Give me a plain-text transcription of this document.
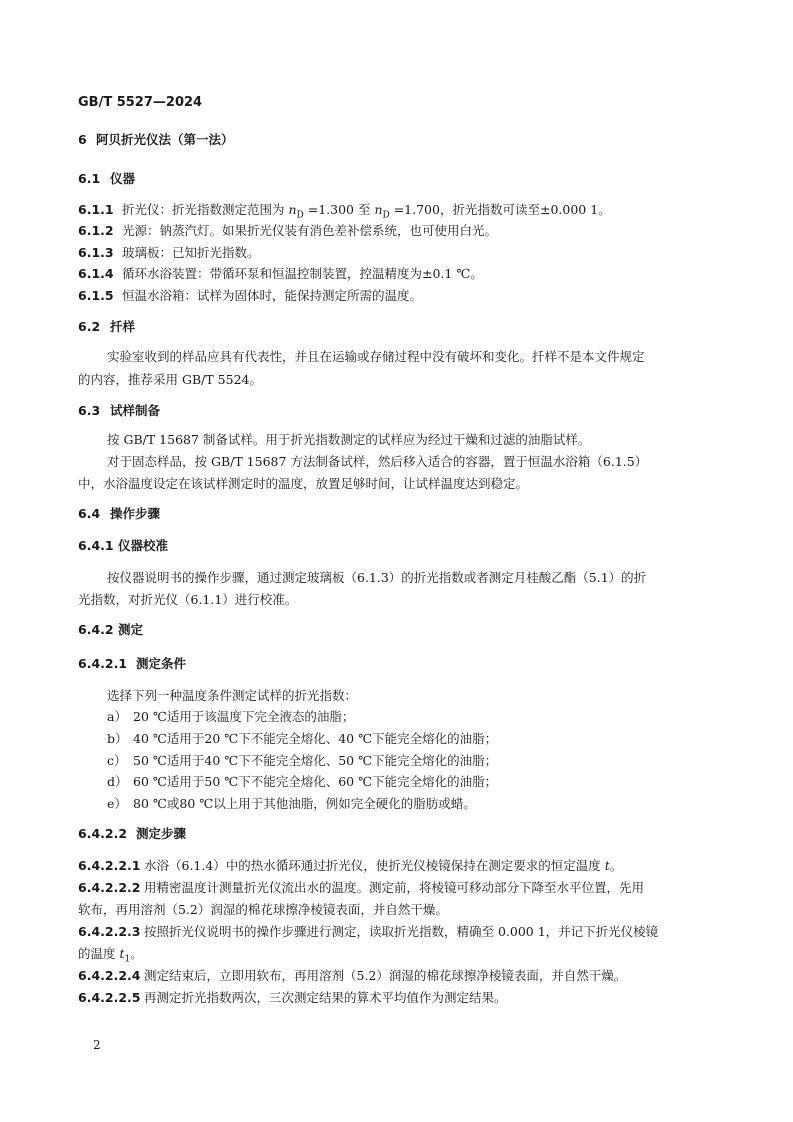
GB/T 5527—2024
6 阿贝折光仪法（第一法）
6.1 仪器
6.1.1 折光仪：折光指数测定范围为 $n_D =1.300$ 至 $n_D =1.700$，折光指数可读至±0.000 1。
6.1.2 光源：钠蒸汽灯。如果折光仪装有消色差补偿系统，也可使用白光。
6.1.3 玻璃板：已知折光指数。
6.1.4 循环水浴装置：带循环泵和恒温控制装置，控温精度为±0.1 ℃。
6.1.5 恒温水浴箱：试样为固体时，能保持测定所需的温度。
6.2 扦样
实验室收到的样品应具有代表性，并且在运输或存储过程中没有破坏和变化。扦样不是本文件规定
的内容，推荐采用 GB/T 5524。
6.3 试样制备
按 GB/T 15687 制备试样。用于折光指数测定的试样应为经过干燥和过滤的油脂试样。
对于固态样品，按 GB/T 15687 方法制备试样，然后移入适合的容器，置于恒温水浴箱（6.1.5）
中，水浴温度设定在该试样测定时的温度，放置足够时间，让试样温度达到稳定。
6.4 操作步骤
6.4.1 仪器校准
按仪器说明书的操作步骤，通过测定玻璃板（6.1.3）的折光指数或者测定月桂酸乙酯（5.1）的折
光指数，对折光仪（6.1.1）进行校准。
6.4.2 测定
6.4.2.1 测定条件
选择下列一种温度条件测定试样的折光指数：
a） 20 ℃适用于该温度下完全液态的油脂；
b） 40 ℃适用于20 ℃下不能完全熔化、40 ℃下能完全熔化的油脂；
c） 50 ℃适用于40 ℃下不能完全熔化、50 ℃下能完全熔化的油脂；
d） 60 ℃适用于50 ℃下不能完全熔化、60 ℃下能完全熔化的油脂；
e） 80 ℃或80 ℃以上用于其他油脂，例如完全硬化的脂肪或蜡。
6.4.2.2 测定步骤
6.4.2.2.1 水浴（6.1.4）中的热水循环通过折光仪，使折光仪棱镜保持在测定要求的恒定温度 t。
6.4.2.2.2 用精密温度计测量折光仪流出水的温度。测定前，将棱镜可移动部分下降至水平位置，先用
软布，再用溶剂（5.2）润湿的棉花球擦净棱镜表面，并自然干燥。
6.4.2.2.3 按照折光仪说明书的操作步骤进行测定，读取折光指数，精确至 0.000 1，并记下折光仪棱镜
的温度 $t_1$。
6.4.2.2.4 测定结束后，立即用软布，再用溶剂（5.2）润湿的棉花球擦净棱镜表面，并自然干燥。
6.4.2.2.5 再测定折光指数两次，三次测定结果的算术平均值作为测定结果。
2
